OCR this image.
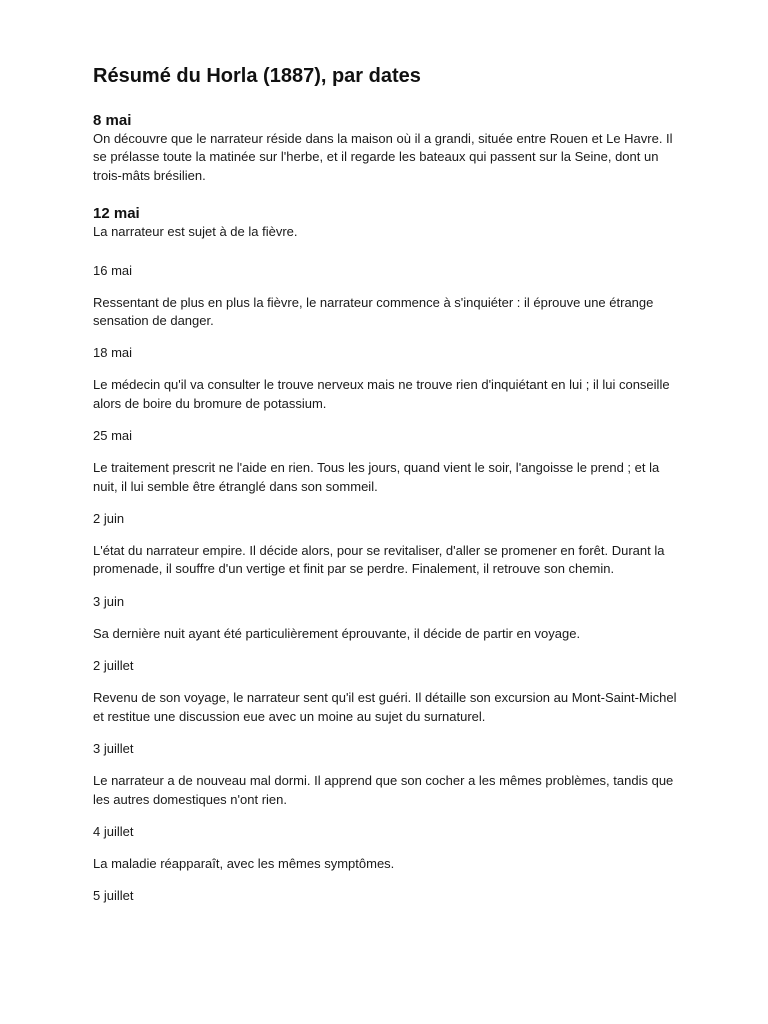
Résumé du Horla (1887), par dates
8 mai

On découvre que le narrateur réside dans la maison où il a grandi, située entre Rouen et Le Havre. Il se prélasse toute la matinée sur l'herbe, et il regarde les bateaux qui passent sur la Seine, dont un trois-mâts brésilien.

12 mai

La narrateur est sujet à de la fièvre.

16 mai

Ressentant de plus en plus la fièvre, le narrateur commence à s'inquiéter : il éprouve une étrange sensation de danger.

18 mai

Le médecin qu'il va consulter le trouve nerveux mais ne trouve rien d'inquiétant en lui ; il lui conseille alors de boire du bromure de potassium.

25 mai

Le traitement prescrit ne l'aide en rien. Tous les jours, quand vient le soir, l'angoisse le prend ; et la nuit, il lui semble être étranglé dans son sommeil.

2 juin

L'état du narrateur empire. Il décide alors, pour se revitaliser, d'aller se promener en forêt. Durant la promenade, il souffre d'un vertige et finit par se perdre. Finalement, il retrouve son chemin.

3 juin

Sa dernière nuit ayant été particulièrement éprouvante, il décide de partir en voyage.

2 juillet

Revenu de son voyage, le narrateur sent qu'il est guéri. Il détaille son excursion au Mont-Saint-Michel et restitue une discussion eue avec un moine au sujet du surnaturel.

3 juillet

Le narrateur a de nouveau mal dormi. Il apprend que son cocher a les mêmes problèmes, tandis que les autres domestiques n'ont rien.

4 juillet

La maladie réapparaît, avec les mêmes symptômes.

5 juillet
